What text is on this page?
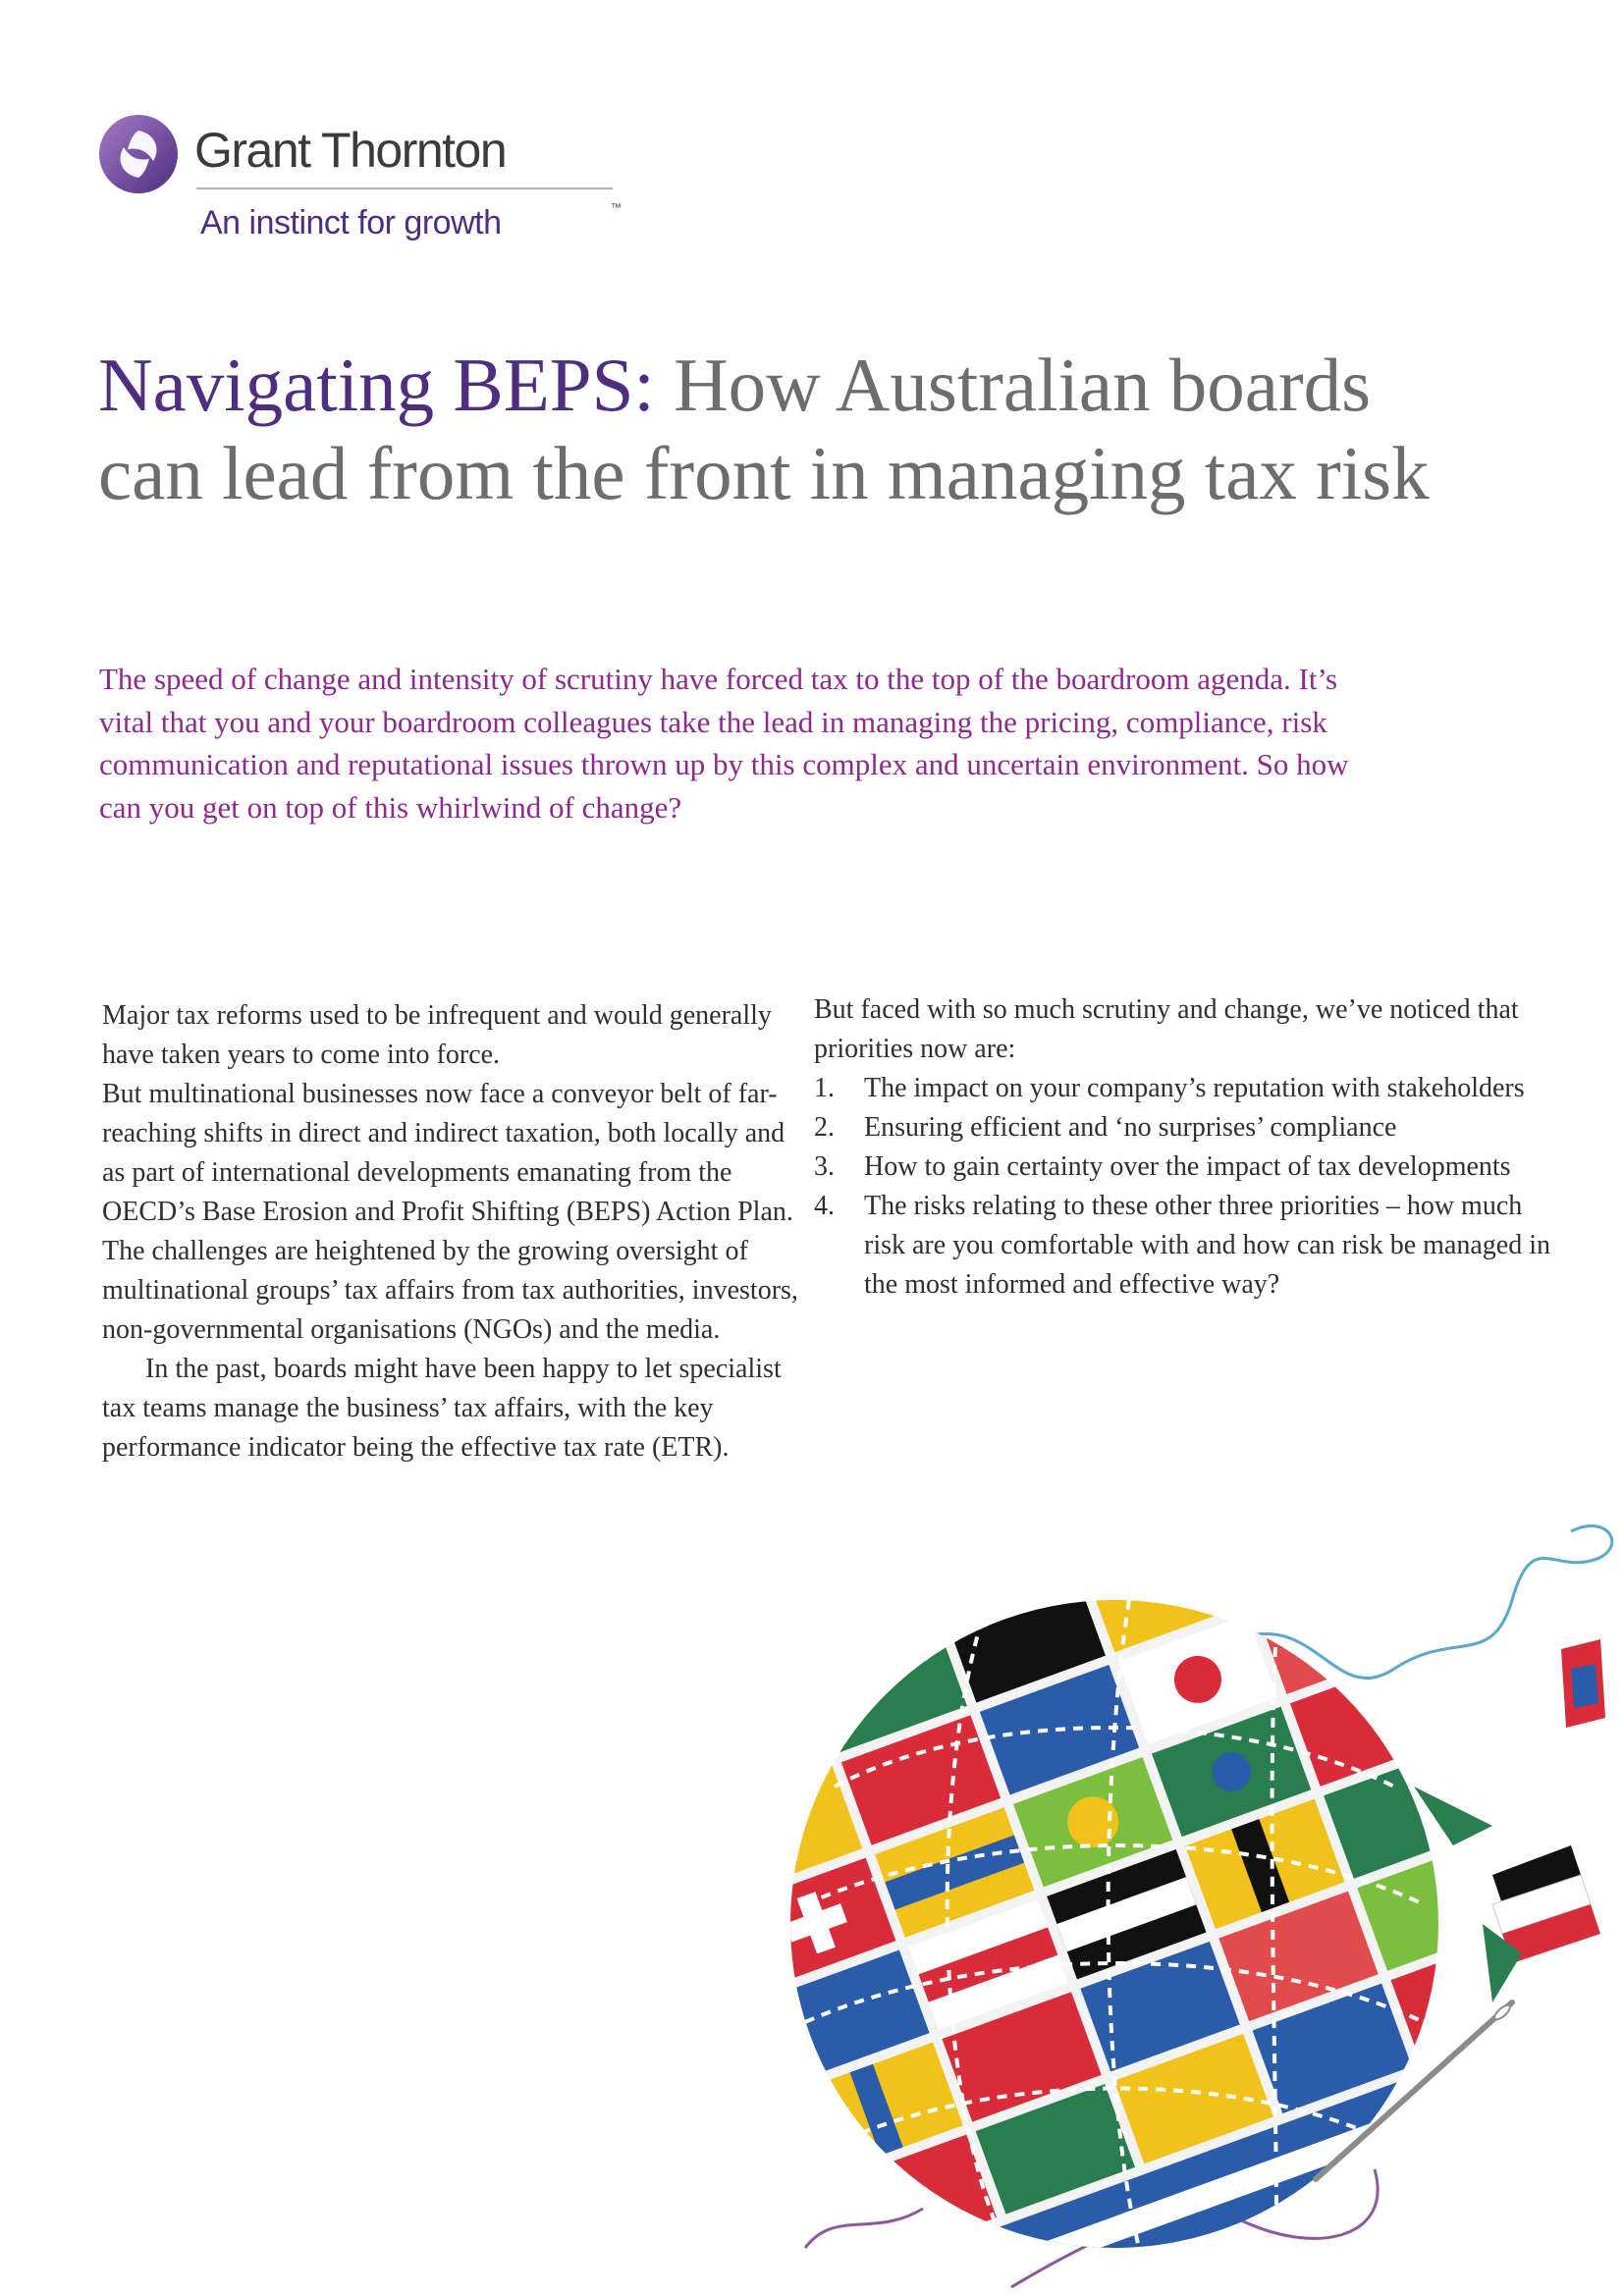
Grant Thornton
An instinct for growth	™
Navigating BEPS: How Australian boards can lead from the front in managing tax risk

The speed of change and intensity of scrutiny have forced tax to the top of the boardroom agenda. It’s vital that you and your boardroom colleagues take the lead in managing the pricing, compliance, risk communication and reputational issues thrown up by this complex and uncertain environment. So how can you get on top of this whirlwind of change?

Major tax reforms used to be infrequent and would generally have taken years to come into force.

But multinational businesses now face a conveyor belt of far-reaching shifts in direct and indirect taxation, both locally and as part of international developments emanating from the OECD’s Base Erosion and Profit Shifting (BEPS) Action Plan.

The challenges are heightened by the growing oversight of multinational groups’ tax affairs from tax authorities, investors, non-governmental organisations (NGOs) and the media.

In the past, boards might have been happy to let specialist tax teams manage the business’ tax affairs, with the key performance indicator being the effective tax rate (ETR).

But faced with so much scrutiny and change, we’ve noticed that priorities now are:

1. The impact on your company’s reputation with stakeholders
2. Ensuring efficient and ‘no surprises’ compliance
3. How to gain certainty over the impact of tax developments
4. The risks relating to these other three priorities – how much risk are you comfortable with and how can risk be managed in the most informed and effective way?
